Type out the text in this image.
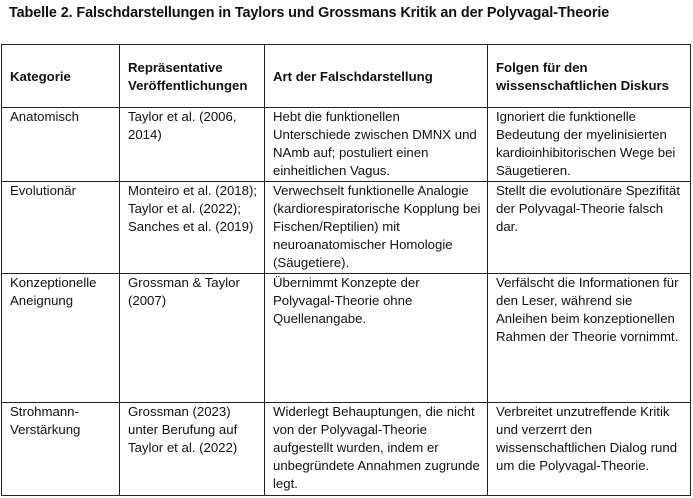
Tabelle 2. Falschdarstellungen in Taylors und Grossmans Kritik an der Polyvagal-Theorie
Kategorie	Repräsentative Veröffentlichungen	Art der Falschdarstellung	Folgen für den wissenschaftlichen Diskurs
Anatomisch	Taylor et al. (2006, 2014)	Hebt die funktionellen Unterschiede zwischen DMNX und NAmb auf; postuliert einen einheitlichen Vagus.	Ignoriert die funktionelle Bedeutung der myelinisierten kardioinhibitorischen Wege bei Säugetieren.
Evolutionär	Monteiro et al. (2018); Taylor et al. (2022); Sanches et al. (2019)	Verwechselt funktionelle Analogie (kardiorespiratorische Kopplung bei Fischen/Reptilien) mit neuroanatomischer Homologie (Säugetiere).	Stellt die evolutionäre Spezifität der Polyvagal-Theorie falsch dar.
Konzeptionelle Aneignung	Grossman & Taylor (2007)	Übernimmt Konzepte der Polyvagal-Theorie ohne Quellenangabe.	Verfälscht die Informationen für den Leser, während sie Anleihen beim konzeptionellen Rahmen der Theorie vornimmt.
Strohmann-Verstärkung	Grossman (2023) unter Berufung auf Taylor et al. (2022)	Widerlegt Behauptungen, die nicht von der Polyvagal-Theorie aufgestellt wurden, indem er unbegründete Annahmen zugrunde legt.	Verbreitet unzutreffende Kritik und verzerrt den wissenschaftlichen Dialog rund um die Polyvagal-Theorie.
